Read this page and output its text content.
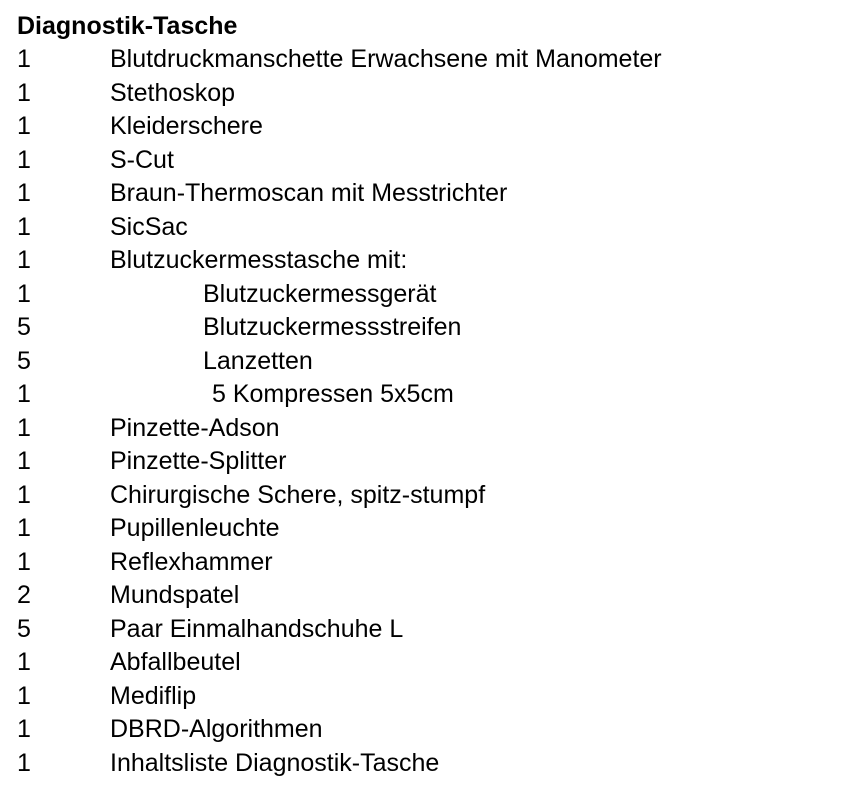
Diagnostik-Tasche
1	Blutdruckmanschette Erwachsene mit Manometer
1	Stethoskop
1	Kleiderschere
1	S-Cut
1	Braun-Thermoscan mit Messtrichter
1	SicSac
1	Blutzuckermesstasche mit:
1	Blutzuckermessgerät
5	Blutzuckermessstreifen
5	Lanzetten
1	5 Kompressen 5x5cm
1	Pinzette-Adson
1	Pinzette-Splitter
1	Chirurgische Schere, spitz-stumpf
1	Pupillenleuchte
1	Reflexhammer
2	Mundspatel
5	Paar Einmalhandschuhe L
1	Abfallbeutel
1	Mediflip
1	DBRD-Algorithmen
1	Inhaltsliste Diagnostik-Tasche
